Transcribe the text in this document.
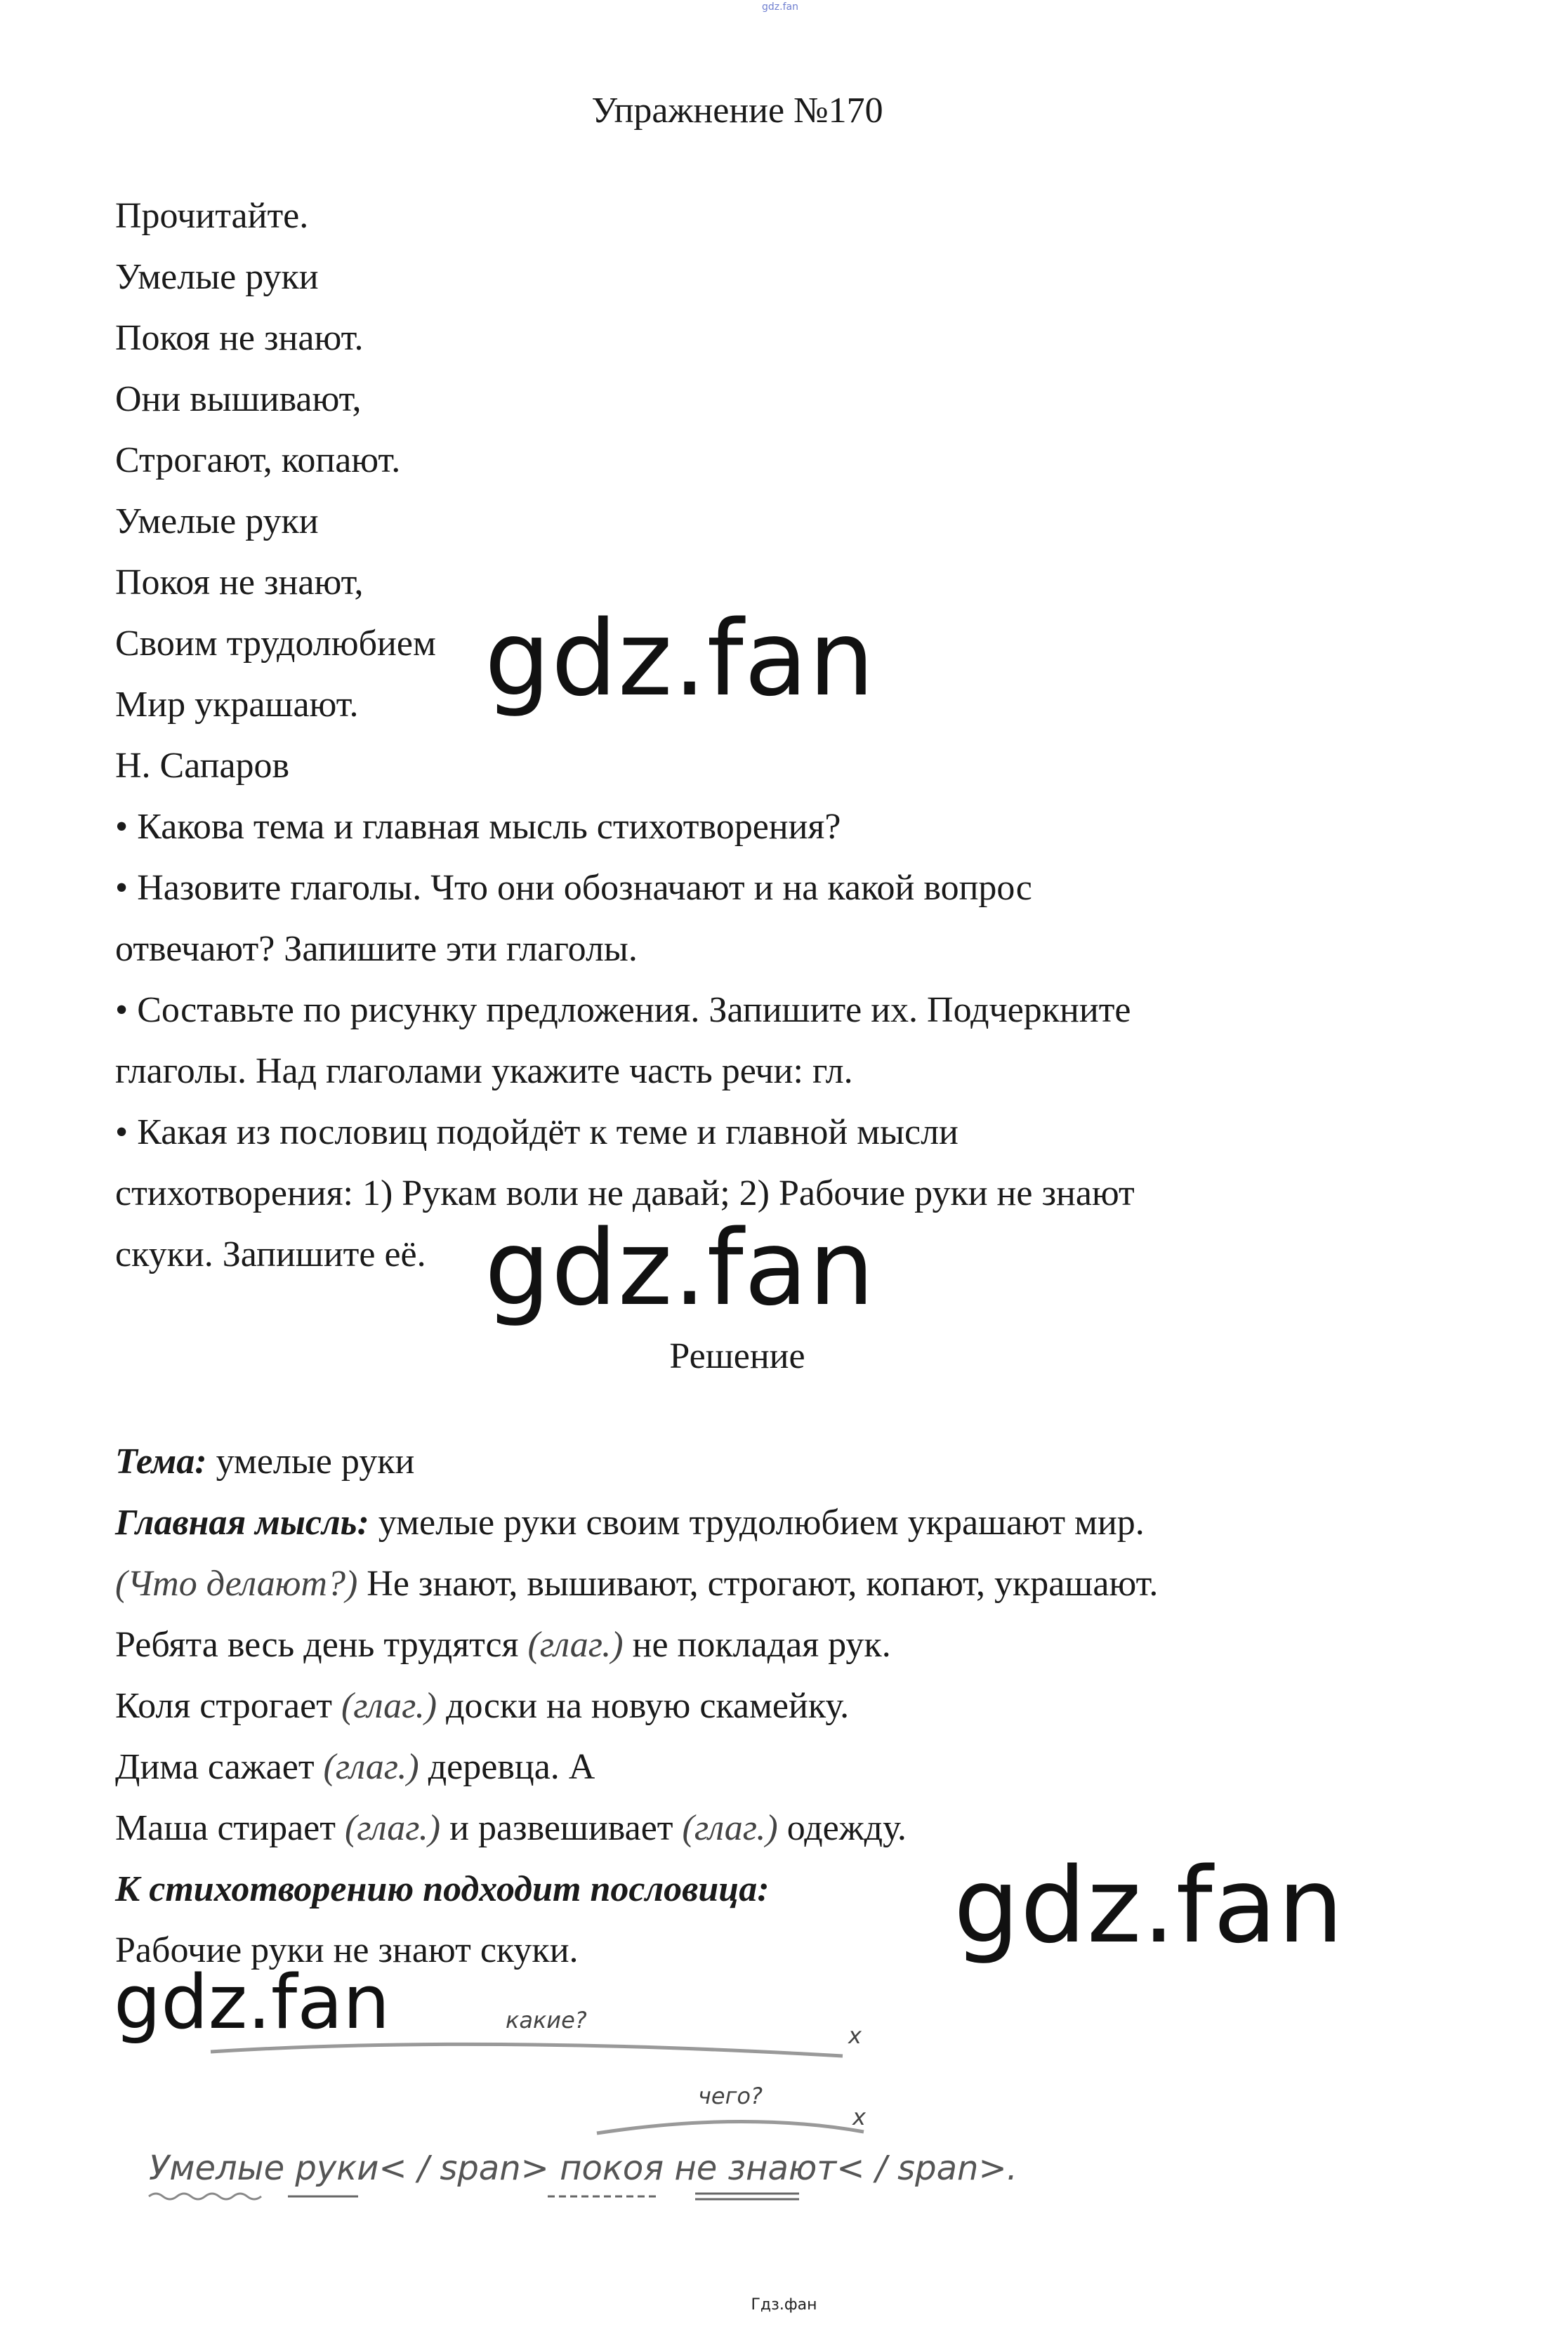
gdz.fan
Упражнение №170
Прочитайте.
Умелые руки
Покоя не знают.
Они вышивают,
Строгают, копают.
Умелые руки
Покоя не знают,
Своим трудолюбием
Мир украшают.
Н. Сапаров
• Какова тема и главная мысль стихотворения?
• Назовите глаголы. Что они обозначают и на какой вопрос
отвечают? Запишите эти глаголы.
• Составьте по рисунку предложения. Запишите их. Подчеркните
глаголы. Над глаголами укажите часть речи: гл.
• Какая из пословиц подойдёт к теме и главной мысли
стихотворения: 1) Рукам воли не давай; 2) Рабочие руки не знают
скуки. Запишите её.
Решение
Тема: умелые руки
Главная мысль: умелые руки своим трудолюбием украшают мир.
(Что делают?) Не знают, вышивают, строгают, копают, украшают.
Ребята весь день трудятся (глаг.) не покладая рук.
Коля строгает (глаг.) доски на новую скамейку.
Дима сажает (глаг.) деревца. А
Маша стирает (глаг.) и развешивает (глаг.) одежду.
К стихотворению подходит пословица:
Рабочие руки не знают скуки.
какие?
x
чего?
x
Умелые руки< / span> покоя не знают< / span>.
gdz.fan
gdz.fan
gdz.fan
gdz.fan
Гдз.фан
